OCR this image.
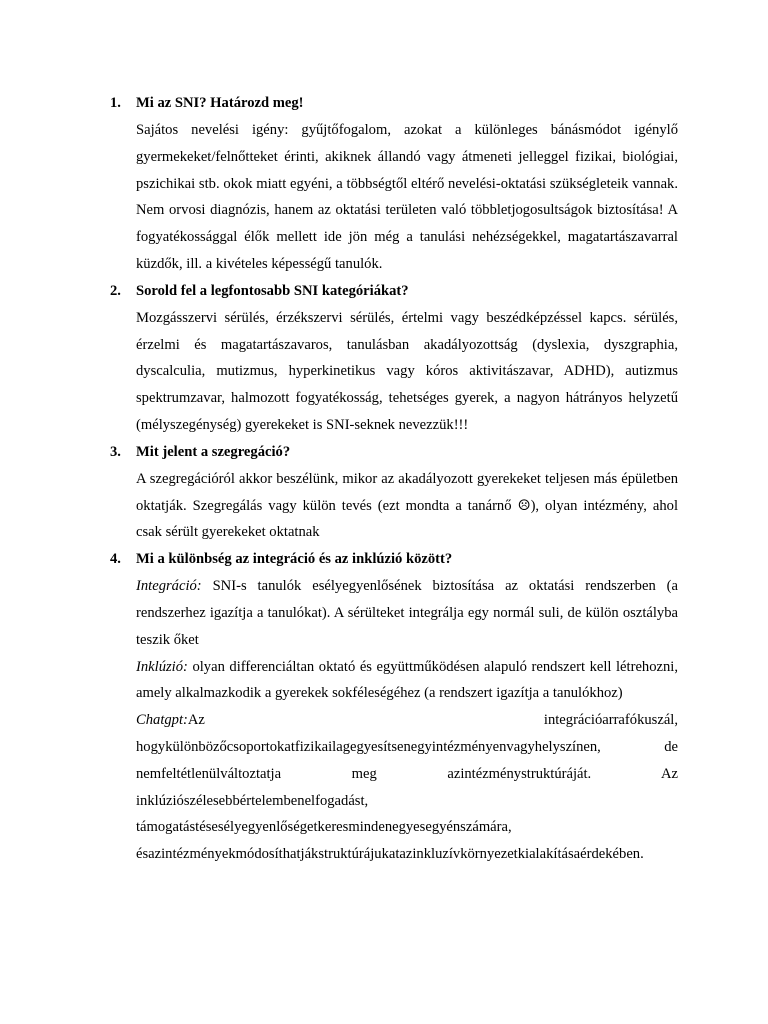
1. Mi az SNI? Határozd meg!

Sajátos nevelési igény: gyűjtőfogalom, azokat a különleges bánásmódot igénylő gyermekeket/felnőtteket érinti, akiknek állandó vagy átmeneti jelleggel fizikai, biológiai, pszichikai stb. okok miatt egyéni, a többségtől eltérő nevelési-oktatási szükségleteik vannak. Nem orvosi diagnózis, hanem az oktatási területen való többletjogosultságok biztosítása! A fogyatékossággal élők mellett ide jön még a tanulási nehézségekkel, magatartászavarral küzdők, ill. a kivételes képességű tanulók.

2. Sorold fel a legfontosabb SNI kategóriákat?

Mozgásszervi sérülés, érzékszervi sérülés, értelmi vagy beszédképzéssel kapcs. sérülés, érzelmi és magatartászavaros, tanulásban akadályozottság (dyslexia, dyszgraphia, dyscalculia, mutizmus, hyperkinetikus vagy kóros aktivitászavar, ADHD), autizmus spektrumzavar, halmozott fogyatékosság, tehetséges gyerek, a nagyon hátrányos helyzetű (mélyszegénység) gyerekeket is SNI-seknek nevezzük!!!

3. Mit jelent a szegregáció?

A szegregációról akkor beszélünk, mikor az akadályozott gyerekeket teljesen más épületben oktatják. Szegregálás vagy külön tevés (ezt mondta a tanárnő ☹), olyan intézmény, ahol csak sérült gyerekeket oktatnak

4. Mi a különbség az integráció és az inklúzió között?

Integráció: SNI-s tanulók esélyegyenlősének biztosítása az oktatási rendszerben (a rendszerhez igazítja a tanulókat). A sérülteket integrálja egy normál suli, de külön osztályba teszik őket

Inklúzió: olyan differenciáltan oktató és együttműködésen alapuló rendszert kell létrehozni, amely alkalmazkodik a gyerekek sokféleségéhez (a rendszert igazítja a tanulókhoz)

Chatgpt:Az	integrációarrafókuszál,
hogykülönbözőcsoportokatfizikailagegyesítsenegyintézményenvagyhelyszínen,	de
nemfeltétlenülváltoztatja	meg	azintézménystruktúráját.	Az
inklúziószélesebbértelembenelfogadást,
támogatástésesélyegyenlőségetkeresmindenegyesegyénszámára,
ésazintézményekmódosíthatjákstruktúrájukatazinkluzívkörnyezetkialakításaérdekében.
